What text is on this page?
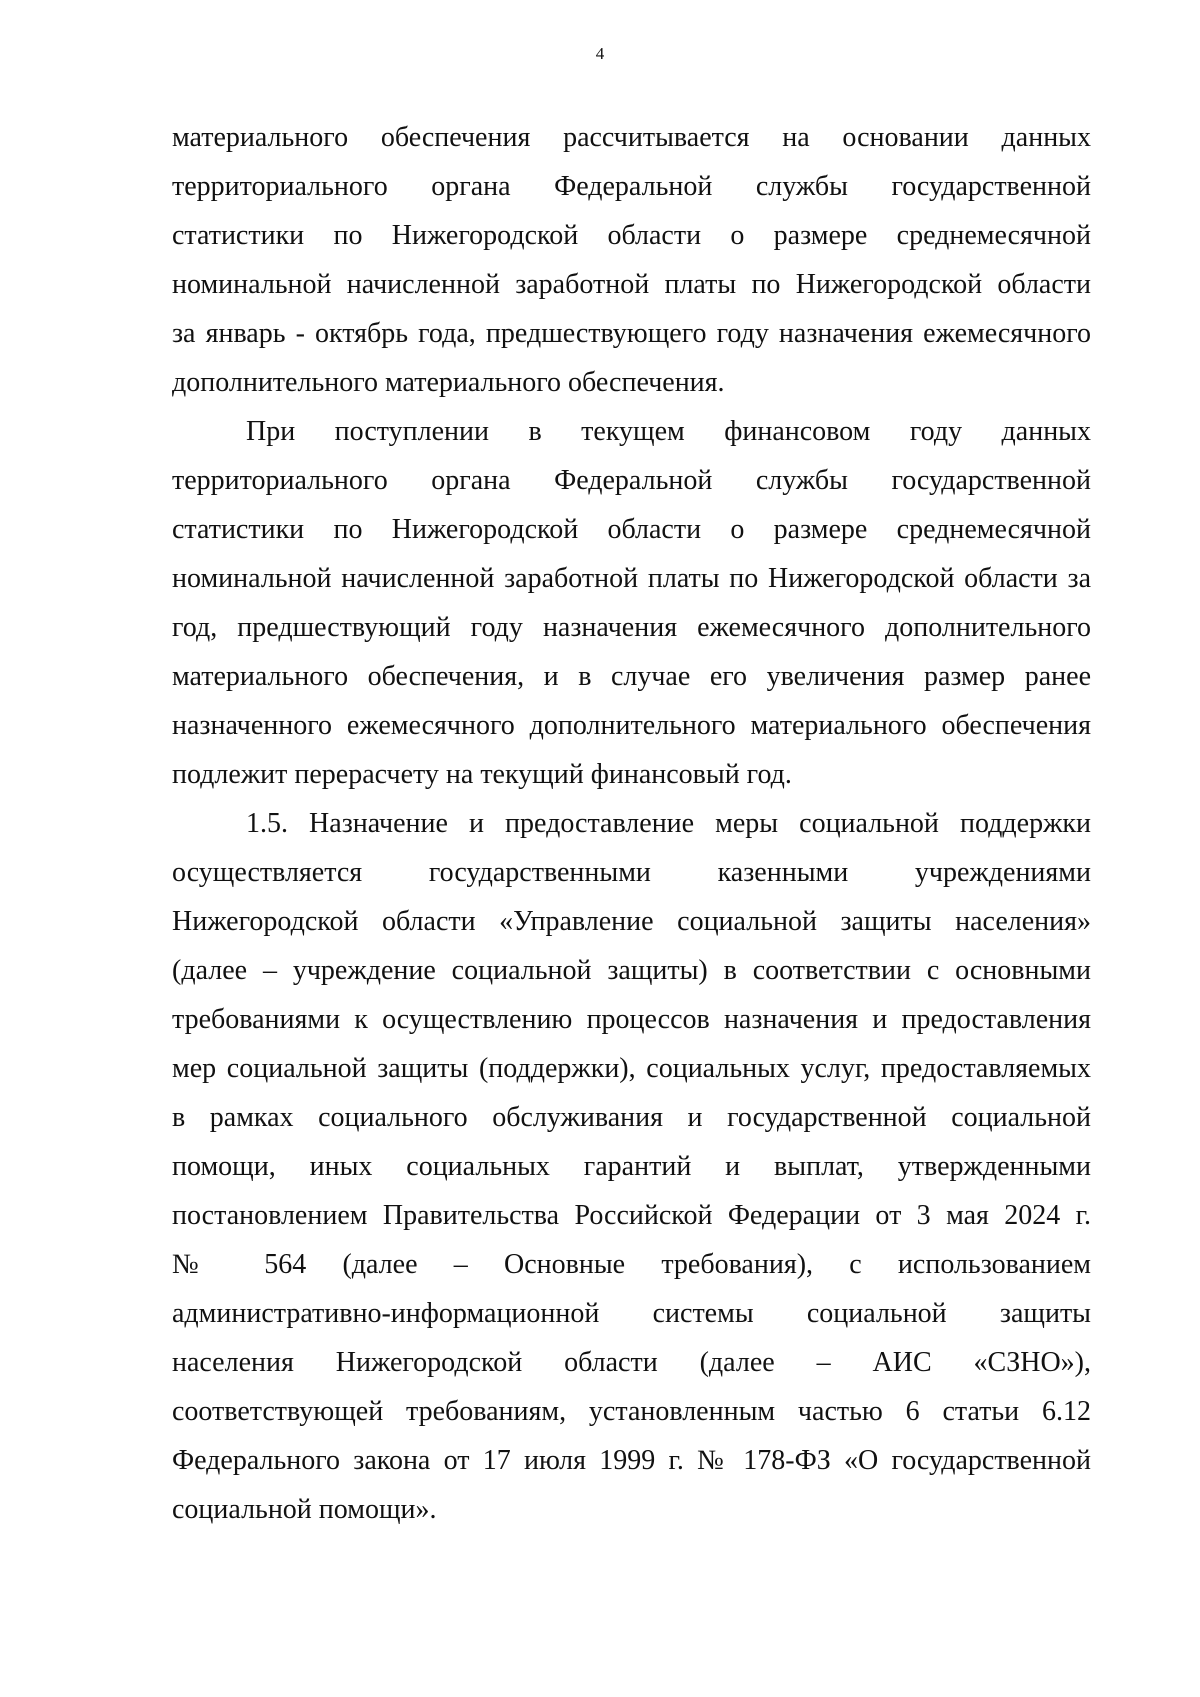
4
материального обеспечения рассчитывается на основании данных
территориального органа Федеральной службы государственной
статистики по Нижегородской области о размере среднемесячной
номинальной начисленной заработной платы по Нижегородской области
за январь - октябрь года, предшествующего году назначения ежемесячного
дополнительного материального обеспечения.
При поступлении в текущем финансовом году данных
территориального органа Федеральной службы государственной
статистики по Нижегородской области о размере среднемесячной
номинальной начисленной заработной платы по Нижегородской области за
год, предшествующий году назначения ежемесячного дополнительного
материального обеспечения, и в случае его увеличения размер ранее
назначенного ежемесячного дополнительного материального обеспечения
подлежит перерасчету на текущий финансовый год.
1.5. Назначение и предоставление меры социальной поддержки
осуществляется государственными казенными учреждениями
Нижегородской области «Управление социальной защиты населения»
(далее – учреждение социальной защиты) в соответствии с основными
требованиями к осуществлению процессов назначения и предоставления
мер социальной защиты (поддержки), социальных услуг, предоставляемых
в рамках социального обслуживания и государственной социальной
помощи, иных социальных гарантий и выплат, утвержденными
постановлением Правительства Российской Федерации от 3 мая 2024 г.
№ 564 (далее – Основные требования), с использованием
административно-информационной системы социальной защиты
населения Нижегородской области (далее – АИС «СЗНО»),
соответствующей требованиям, установленным частью 6 статьи 6.12
Федерального закона от 17 июля 1999 г. № 178-ФЗ «О государственной
социальной помощи».
